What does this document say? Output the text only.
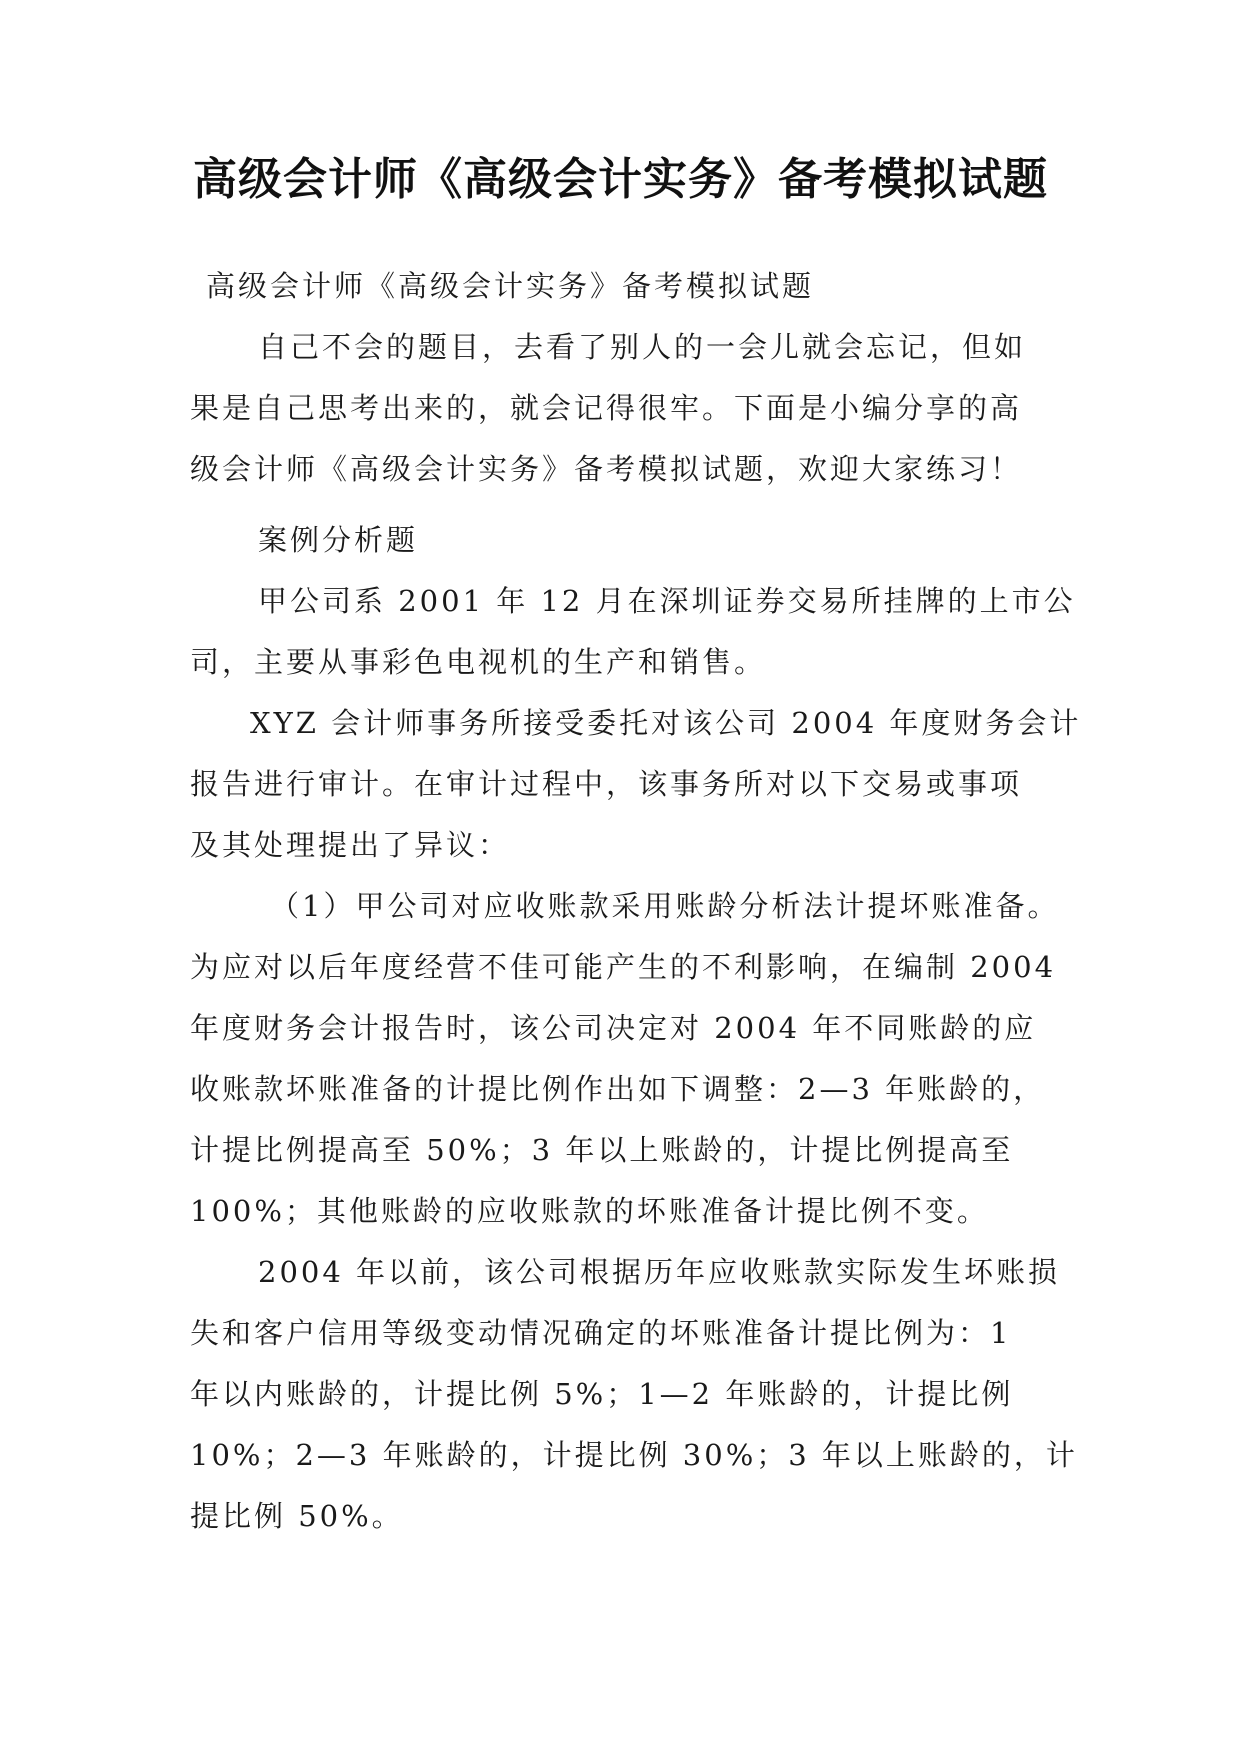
高级会计师《高级会计实务》备考模拟试题
高级会计师《高级会计实务》备考模拟试题
自己不会的题目，去看了别人的一会儿就会忘记，但如
果是自己思考出来的，就会记得很牢。下面是小编分享的高
级会计师《高级会计实务》备考模拟试题，欢迎大家练习！
案例分析题
甲公司系 2001 年 12 月在深圳证券交易所挂牌的上市公
司，主要从事彩色电视机的生产和销售。
XYZ 会计师事务所接受委托对该公司 2004 年度财务会计
报告进行审计。在审计过程中，该事务所对以下交易或事项
及其处理提出了异议：
（1）甲公司对应收账款采用账龄分析法计提坏账准备。
为应对以后年度经营不佳可能产生的不利影响，在编制 2004
年度财务会计报告时，该公司决定对 2004 年不同账龄的应
收账款坏账准备的计提比例作出如下调整：2—3 年账龄的，
计提比例提高至 50%；3 年以上账龄的，计提比例提高至
100%；其他账龄的应收账款的坏账准备计提比例不变。
2004 年以前，该公司根据历年应收账款实际发生坏账损
失和客户信用等级变动情况确定的坏账准备计提比例为：1
年以内账龄的，计提比例 5%；1—2 年账龄的，计提比例
10%；2—3 年账龄的，计提比例 30%；3 年以上账龄的，计
提比例 50%。
